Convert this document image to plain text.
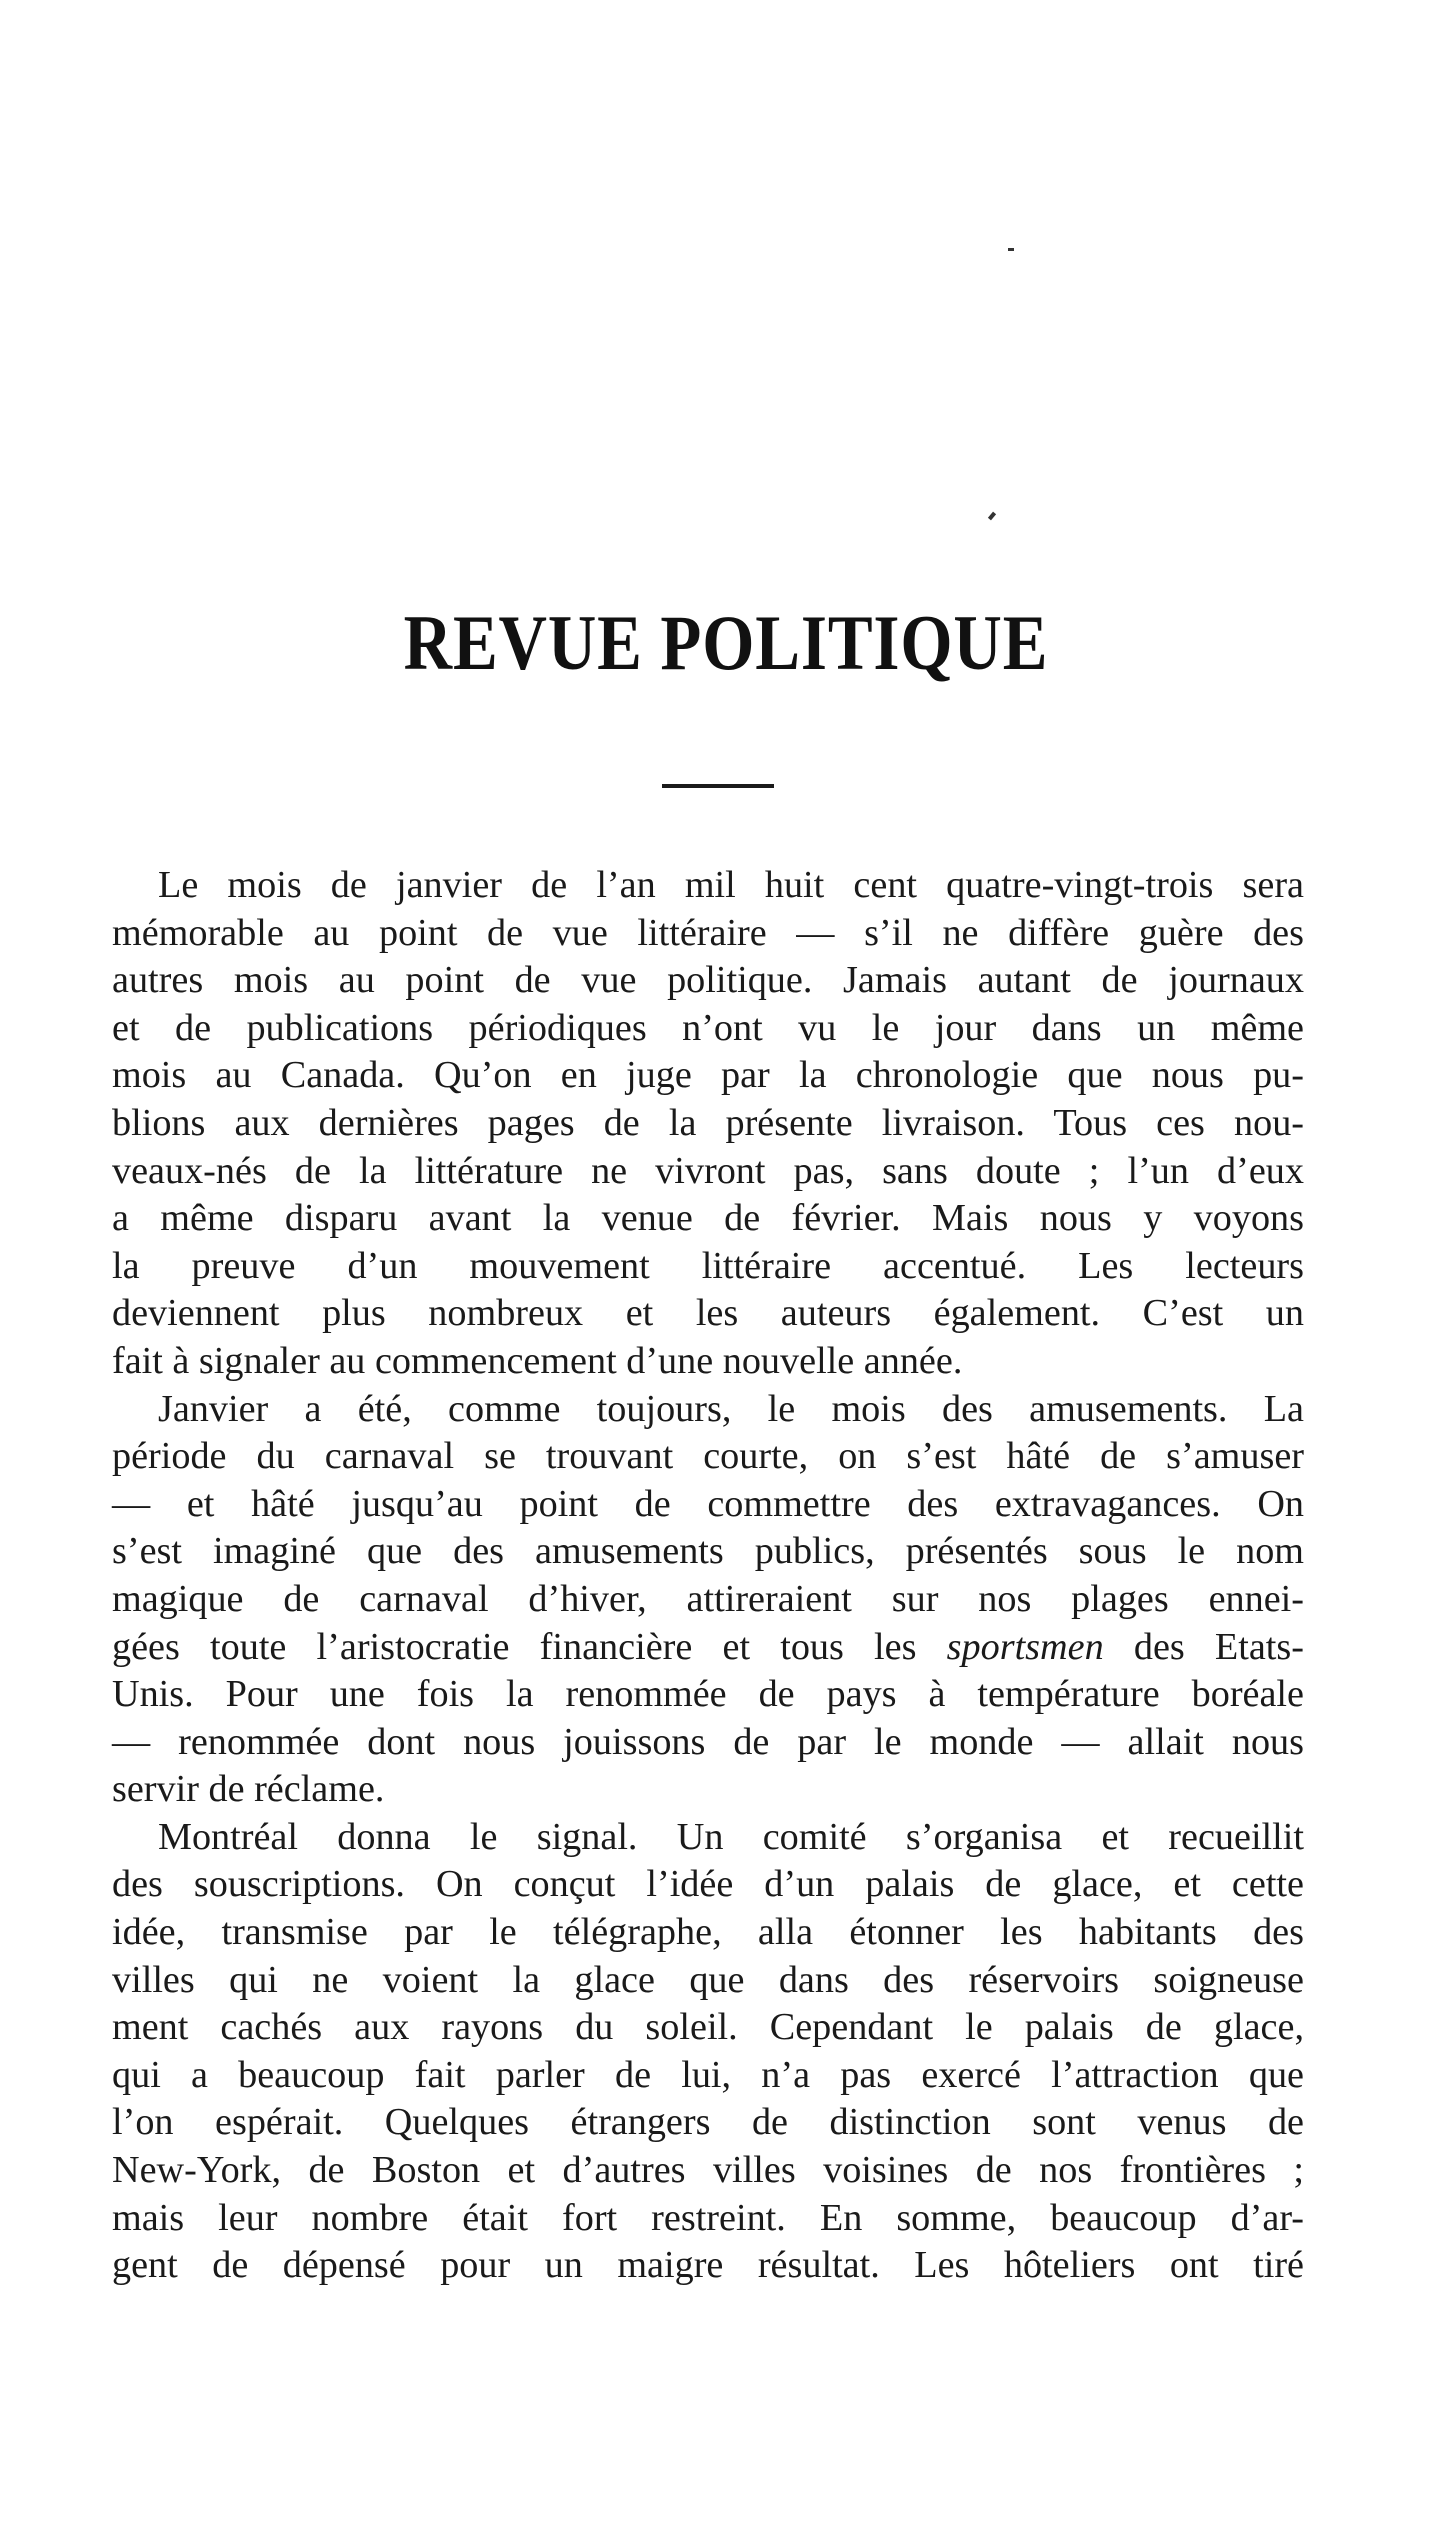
REVUE POLITIQUE
Le mois de janvier de l’an mil huit cent quatre-vingt-trois sera
mémorable au point de vue littéraire — s’il ne diffère guère des
autres mois au point de vue politique. Jamais autant de journaux
et de publications périodiques n’ont vu le jour dans un même
mois au Canada. Qu’on en juge par la chronologie que nous pu-
blions aux dernières pages de la présente livraison. Tous ces nou-
veaux-nés de la littérature ne vivront pas, sans doute ; l’un d’eux
a même disparu avant la venue de février. Mais nous y voyons
la preuve d’un mouvement littéraire accentué. Les lecteurs
deviennent plus nombreux et les auteurs également. C’est un
fait à signaler au commencement d’une nouvelle année.
Janvier a été, comme toujours, le mois des amusements. La
période du carnaval se trouvant courte, on s’est hâté de s’amuser
— et hâté jusqu’au point de commettre des extravagances. On
s’est imaginé que des amusements publics, présentés sous le nom
magique de carnaval d’hiver, attireraient sur nos plages ennei-
gées toute l’aristocratie financière et tous les sportsmen des Etats-
Unis. Pour une fois la renommée de pays à température boréale
— renommée dont nous jouissons de par le monde — allait nous
servir de réclame.
Montréal donna le signal. Un comité s’organisa et recueillit
des souscriptions. On conçut l’idée d’un palais de glace, et cette
idée, transmise par le télégraphe, alla étonner les habitants des
villes qui ne voient la glace que dans des réservoirs soigneuse
ment cachés aux rayons du soleil. Cependant le palais de glace,
qui a beaucoup fait parler de lui, n’a pas exercé l’attraction que
l’on espérait. Quelques étrangers de distinction sont venus de
New-York, de Boston et d’autres villes voisines de nos frontières ;
mais leur nombre était fort restreint. En somme, beaucoup d’ar-
gent de dépensé pour un maigre résultat. Les hôteliers ont tiré
